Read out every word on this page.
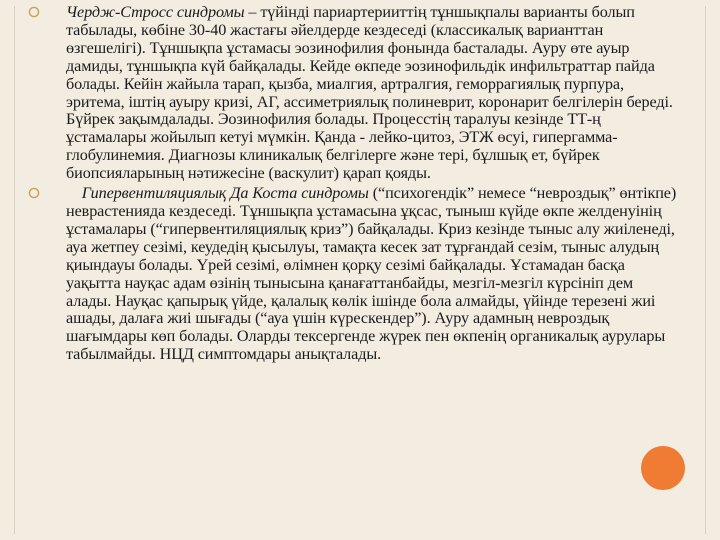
Чердж-Стросс синдромы – түйінді париартерииттің тұншықпалы варианты болып табылады, көбіне 30-40 жастағы әйелдерде кездеседі (классикалық варианттан өзгешелігі). Тұншықпа ұстамасы эозинофилия фонында басталады. Ауру өте ауыр дамиды, тұншықпа күй байқалады. Кейде өкпеде эозинофильдік инфильтраттар пайда болады. Кейін жайыла тарап, қызба, миалгия, артралгия, геморрагиялық пурпура, эритема, іштің ауыру кризі, АГ, ассиметриялық полиневрит, коронарит белгілерін береді. Бүйрек зақымдалады. Эозинофилия болады. Процесстің таралуы кезінде ТТ-ң ұстамалары жойылып кетуі мүмкін. Қанда - лейко-цитоз, ЭТЖ өсуі, гипергамма-глобулинемия. Диагнозы клиникалық белгілерге және тері, бұлшық ет, бүйрек биопсияларының нәтижесіне (васкулит) қарап қояды.

Гипервентиляциялық Да Коста синдромы (“психогендік” немесе “невроздық” өнтікпе) неврастенияда кездеседі. Тұншықпа ұстамасына ұқсас, тыныш күйде өкпе желденуінің ұстамалары (“гипервентиляциялық криз”) байқалады. Криз кезінде тыныс алу жиіленеді, ауа жетпеу сезімі, кеудедің қысылуы, тамақта кесек зат тұрғандай сезім, тыныс алудың қиындауы болады. Үрей сезімі, өлімнен қорқу сезімі байқалады. Ұстамадан басқа уақытта науқас адам өзінің тынысына қанағаттанбайды, мезгіл-мезгіл күрсініп дем алады. Науқас қапырық үйде, қалалық көлік ішінде бола алмайды, үйінде терезені жиі ашады, далаға жиі шығады (“ауа үшін күрескендер”). Ауру адамның невроздық шағымдары көп болады. Оларды тексергенде жүрек пен өкпенің органикалық аурулары табылмайды. НЦД симптомдары анықталады.
